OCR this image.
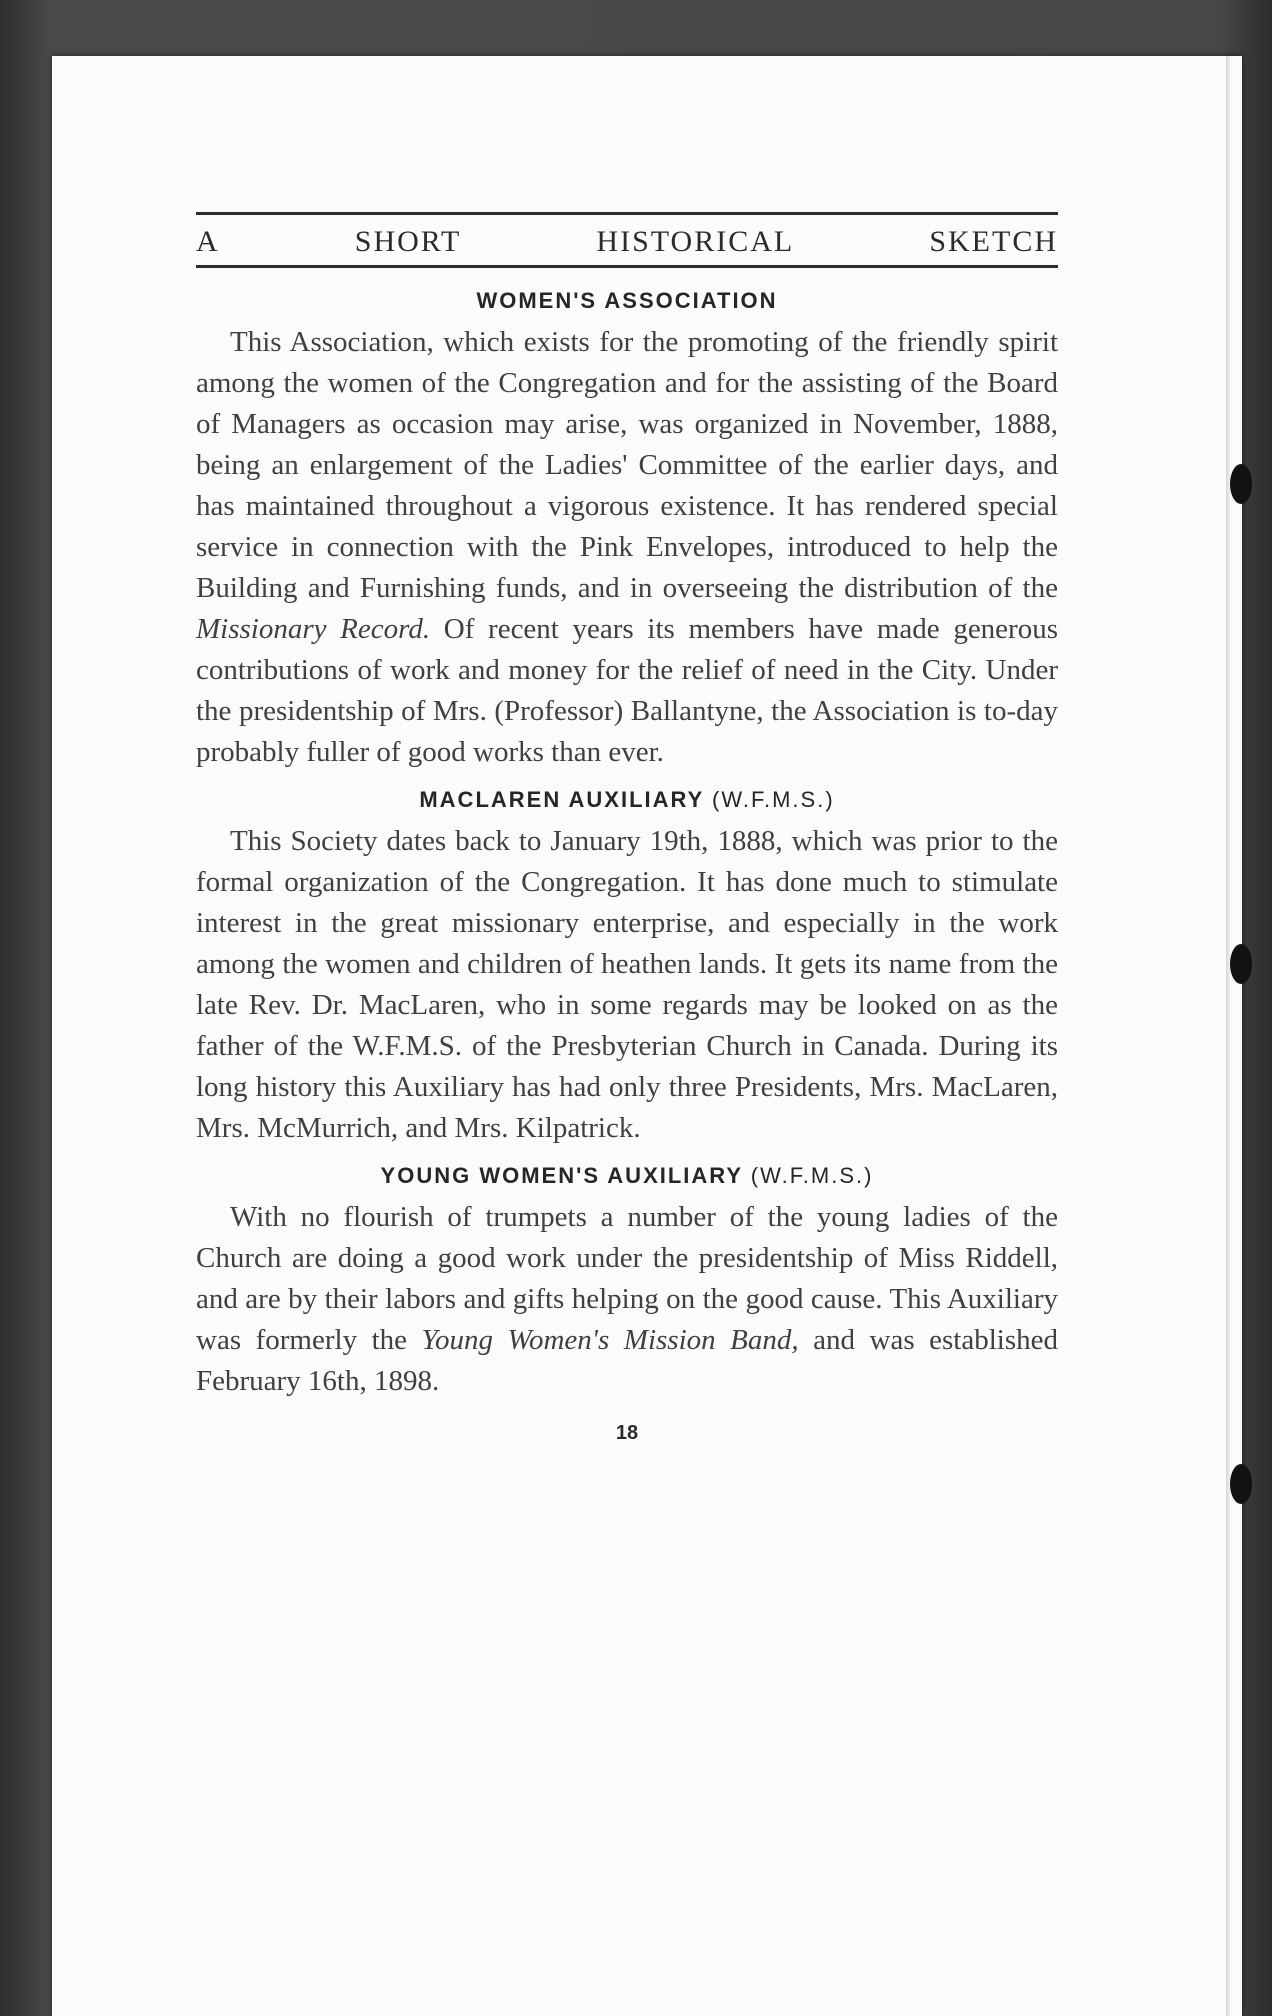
A	SHORT	HISTORICAL	SKETCH
WOMEN'S ASSOCIATION

This Association, which exists for the promoting of the friendly spirit among the women of the Congregation and for the assisting of the Board of Managers as occasion may arise, was organized in November, 1888, being an enlargement of the Ladies' Committee of the earlier days, and has maintained throughout a vigorous existence. It has rendered special service in connection with the Pink Envelopes, introduced to help the Building and Furnishing funds, and in overseeing the distribution of the Missionary Record. Of recent years its members have made generous contributions of work and money for the relief of need in the City. Under the presidentship of Mrs. (Professor) Ballantyne, the Association is to-day probably fuller of good works than ever.

MACLAREN AUXILIARY (W.F.M.S.)

This Society dates back to January 19th, 1888, which was prior to the formal organization of the Congregation. It has done much to stimulate interest in the great missionary enterprise, and especially in the work among the women and children of heathen lands. It gets its name from the late Rev. Dr. MacLaren, who in some regards may be looked on as the father of the W.F.M.S. of the Presbyterian Church in Canada. During its long history this Auxiliary has had only three Presidents, Mrs. MacLaren, Mrs. McMurrich, and Mrs. Kilpatrick.

YOUNG WOMEN'S AUXILIARY (W.F.M.S.)

With no flourish of trumpets a number of the young ladies of the Church are doing a good work under the presidentship of Miss Riddell, and are by their labors and gifts helping on the good cause. This Auxiliary was formerly the Young Women's Mission Band, and was established February 16th, 1898.

18
